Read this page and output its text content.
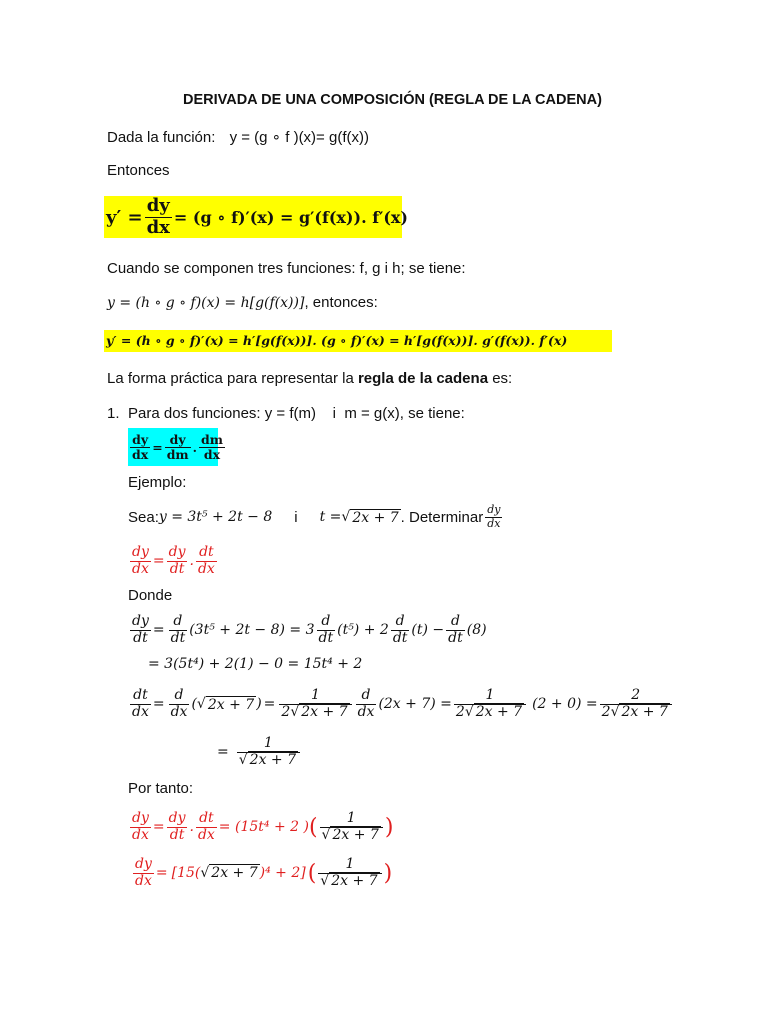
DERIVADA DE UNA COMPOSICIÓN (REGLA DE LA CADENA)
Dada la función: y = (g ∘ f )(x)= g(f(x))
Entonces
$y' = \frac{dy}{dx} = (g$ ∘ f)′(x) = g′(f(x)). f′(x)
Cuando se componen tres funciones: f, g i h; se tiene:
y = (h ∘ g ∘ f)(x) = h[g(f(x))], entonces:
y′ = (h ∘ g ∘ f)′(x) = h′[g(f(x))]. (g ∘ f)′(x) = h′[g(f(x))]. g′(f(x)). f′(x)
La forma práctica para representar la regla de la cadena es:
1. Para dos funciones: y = f(m)    i  m = g(x), se tiene:
$\frac{dy}{dx} = \frac{dy}{dm}$ . $\frac{dm}{dx}$
Ejemplo:
Sea: y = 3t⁵ + 2t − 8 i t = √ 2x + 7 . Determinar $\frac{dy}{dx}$
$\frac{dy}{dx} = \frac{dy}{dt}$ . $\frac{dt}{dx}$
Donde
$\frac{dy}{dt} = \frac{d}{dt} (3t^5 + 2t - 8) = 3 \frac{d}{dt} (t^5) + 2 \frac{d}{dt} (t) - \frac{d}{dt} (8)$
= 3(5t⁴) + 2(1) − 0 = 15t⁴ + 2
$\frac{dt}{dx} = \frac{d}{dx}$ ( √ 2x + 7 ) = $\frac{1}{2√ 2x + 7} \frac{d}{dx} (2x + 7) = \frac{1}{2√ 2x + 7} (2 + 0) = \frac{2}{2√ 2x + 7}$
= $\frac{1}{√ 2x + 7}$
Por tanto:
$\frac{dy}{dx} = \frac{dy}{dt}$ . $\frac{dt}{dx} = (15t^4 + 2$ ) ( $\frac{1}{√ 2x + 7}$ )
$\frac{dy}{dx} = [15$( √ 2x + 7 )⁴ + 2] ( $\frac{1}{√ 2x + 7}$ )
